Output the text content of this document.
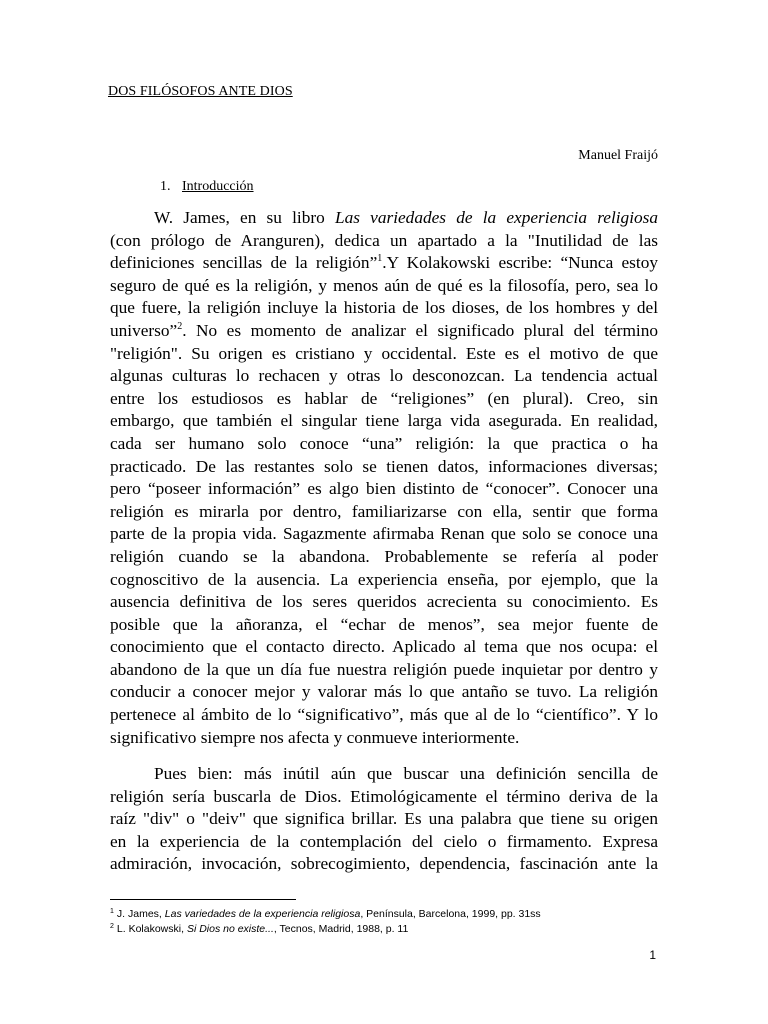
DOS FILÓSOFOS ANTE DIOS
Manuel Fraijó
1. Introducción
W. James, en su libro Las variedades de la experiencia religiosa
(con prólogo de Aranguren), dedica un apartado a la "Inutilidad de las
definiciones sencillas de la religión”$^1$.Y Kolakowski escribe: “Nunca estoy
seguro de qué es la religión, y menos aún de qué es la filosofía, pero, sea lo
que fuere, la religión incluye la historia de los dioses, de los hombres y del
universo”$^2$. No es momento de analizar el significado plural del término
"religión". Su origen es cristiano y occidental. Este es el motivo de que
algunas culturas lo rechacen y otras lo desconozcan. La tendencia actual
entre los estudiosos es hablar de “religiones” (en plural). Creo, sin
embargo, que también el singular tiene larga vida asegurada. En realidad,
cada ser humano solo conoce “una” religión: la que practica o ha
practicado. De las restantes solo se tienen datos, informaciones diversas;
pero “poseer información” es algo bien distinto de “conocer”. Conocer una
religión es mirarla por dentro, familiarizarse con ella, sentir que forma
parte de la propia vida. Sagazmente afirmaba Renan que solo se conoce una
religión cuando se la abandona. Probablemente se refería al poder
cognoscitivo de la ausencia. La experiencia enseña, por ejemplo, que la
ausencia definitiva de los seres queridos acrecienta su conocimiento. Es
posible que la añoranza, el “echar de menos”, sea mejor fuente de
conocimiento que el contacto directo. Aplicado al tema que nos ocupa: el
abandono de la que un día fue nuestra religión puede inquietar por dentro y
conducir a conocer mejor y valorar más lo que antaño se tuvo. La religión
pertenece al ámbito de lo “significativo”, más que al de lo “científico”. Y lo
significativo siempre nos afecta y conmueve interiormente.
Pues bien: más inútil aún que buscar una definición sencilla de
religión sería buscarla de Dios. Etimológicamente el término deriva de la
raíz "div" o "deiv" que significa brillar. Es una palabra que tiene su origen
en la experiencia de la contemplación del cielo o firmamento. Expresa
admiración, invocación, sobrecogimiento, dependencia, fascinación ante la
$^1$ J. James, Las variedades de la experiencia religiosa, Península, Barcelona, 1999, pp. 31ss
$^2$ L. Kolakowski, Si Dios no existe..., Tecnos, Madrid, 1988, p. 11
1
